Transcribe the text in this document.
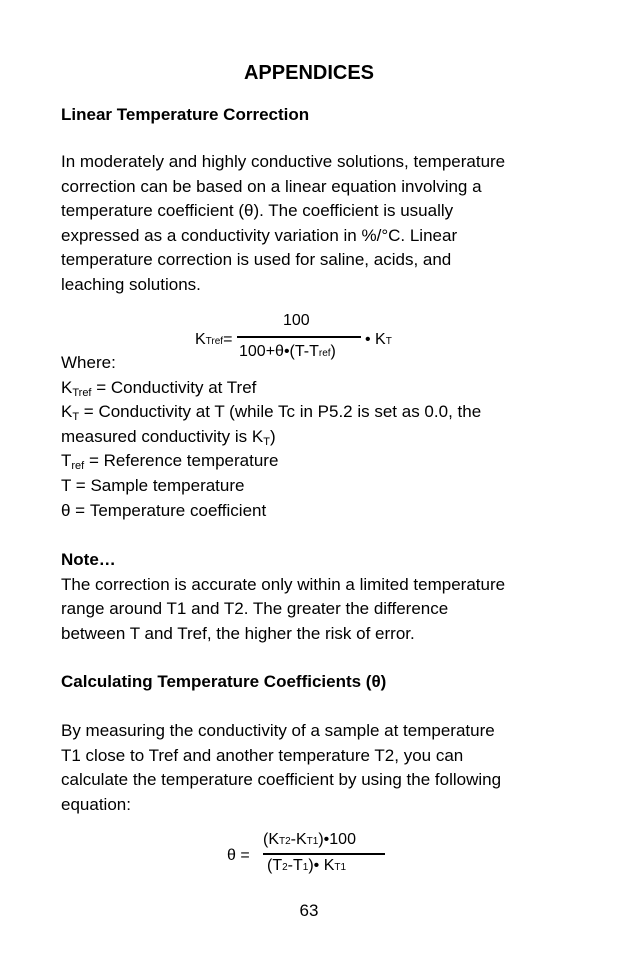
APPENDICES
Linear Temperature Correction
In moderately and highly conductive solutions, temperature
correction can be based on a linear equation involving a
temperature coefficient (θ). The coefficient is usually
expressed as a conductivity variation in %/°C. Linear
temperature correction is used for saline, acids, and
leaching solutions.
KTref=
100
100+θ•(T-Tref)
• KT
Where:
$K_{Tref}$ = Conductivity at Tref
$K_T$ = Conductivity at T (while Tc in P5.2 is set as 0.0, the
measured conductivity is $K_T$)
$T_{ref}$ = Reference temperature
T = Sample temperature
θ = Temperature coefficient
Note…
The correction is accurate only within a limited temperature
range around T1 and T2. The greater the difference
between T and Tref, the higher the risk of error.
Calculating Temperature Coefficients (θ)
By measuring the conductivity of a sample at temperature
T1 close to Tref and another temperature T2, you can
calculate the temperature coefficient by using the following
equation:
θ =
(KT2-KT1)•100
(T2-T1)• KT1
63
